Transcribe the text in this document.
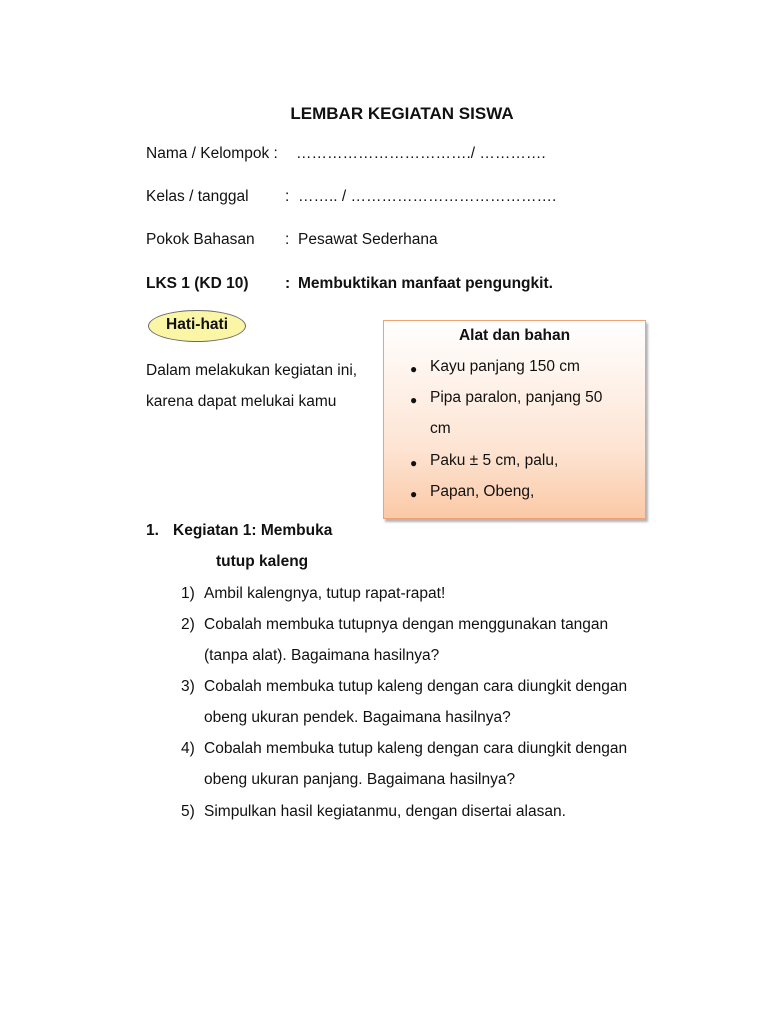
LEMBAR KEGIATAN SISWA
Nama / Kelompok : ……………………………./ ………….
Kelas / tanggal : …….. / ………………………………….
Pokok Bahasan : Pesawat Sederhana
LKS 1 (KD 10) : Membuktikan manfaat pengungkit.
Hati-hati
Dalam melakukan kegiatan ini,
karena dapat melukai kamu
Alat dan bahan
● Kayu panjang 150 cm
● Pipa paralon, panjang 50
cm
● Paku ± 5 cm, palu,
● Papan, Obeng,
1. Kegiatan 1: Membuka
tutup kaleng
1) Ambil kalengnya, tutup rapat-rapat!
2) Cobalah membuka tutupnya dengan menggunakan tangan
(tanpa alat). Bagaimana hasilnya?
3) Cobalah membuka tutup kaleng dengan cara diungkit dengan
obeng ukuran pendek. Bagaimana hasilnya?
4) Cobalah membuka tutup kaleng dengan cara diungkit dengan
obeng ukuran panjang. Bagaimana hasilnya?
5) Simpulkan hasil kegiatanmu, dengan disertai alasan.
